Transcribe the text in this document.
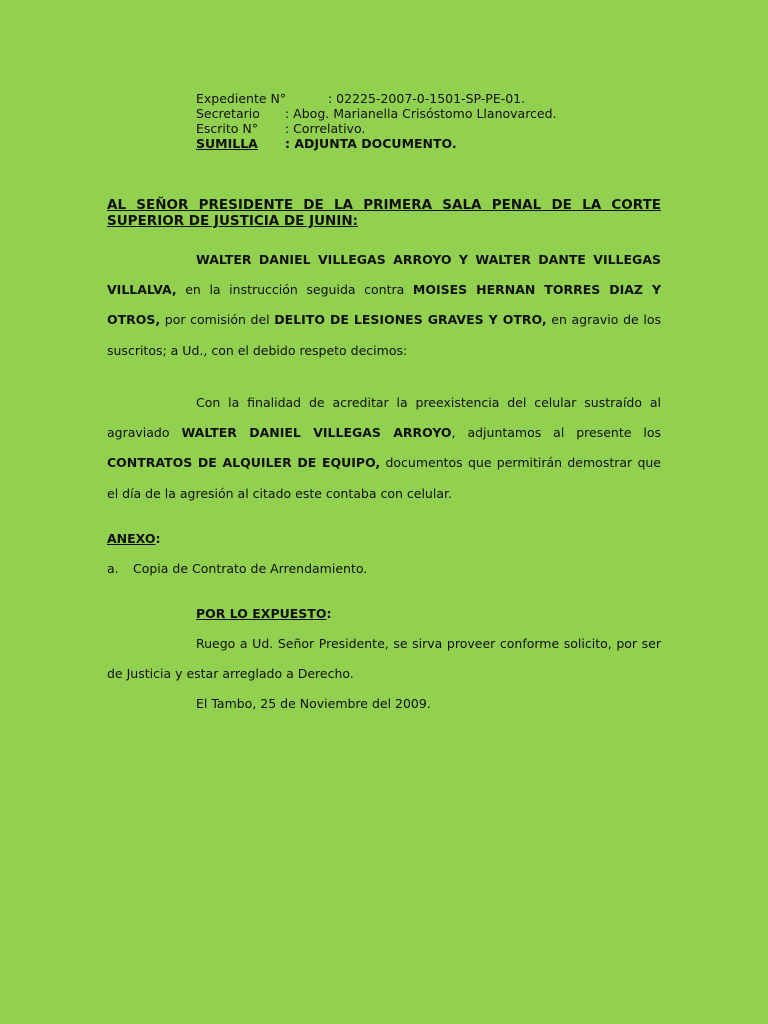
Expediente N°	: 02225-2007-0-1501-SP-PE-01.
Secretario : Abog. Marianella Crisóstomo Llanovarced.
Escrito N° : Correlativo.
SUMILLA : ADJUNTA DOCUMENTO.
AL SEÑOR PRESIDENTE DE LA PRIMERA SALA PENAL DE LA CORTE SUPERIOR DE JUSTICIA DE JUNIN:
WALTER DANIEL VILLEGAS ARROYO Y WALTER DANTE VILLEGAS VILLALVA, en la instrucción seguida contra MOISES HERNAN TORRES DIAZ Y OTROS, por comisión del DELITO DE LESIONES GRAVES Y OTRO, en agravio de los suscritos; a Ud., con el debido respeto decimos:
Con la finalidad de acreditar la preexistencia del celular sustraído al agraviado WALTER DANIEL VILLEGAS ARROYO, adjuntamos al presente los CONTRATOS DE ALQUILER DE EQUIPO, documentos que permitirán demostrar que el día de la agresión al citado este contaba con celular.
ANEXO:
a. Copia de Contrato de Arrendamiento.
POR LO EXPUESTO:
Ruego a Ud. Señor Presidente, se sirva proveer conforme solicito, por ser de Justicia y estar arreglado a Derecho.
El Tambo, 25 de Noviembre del 2009.
